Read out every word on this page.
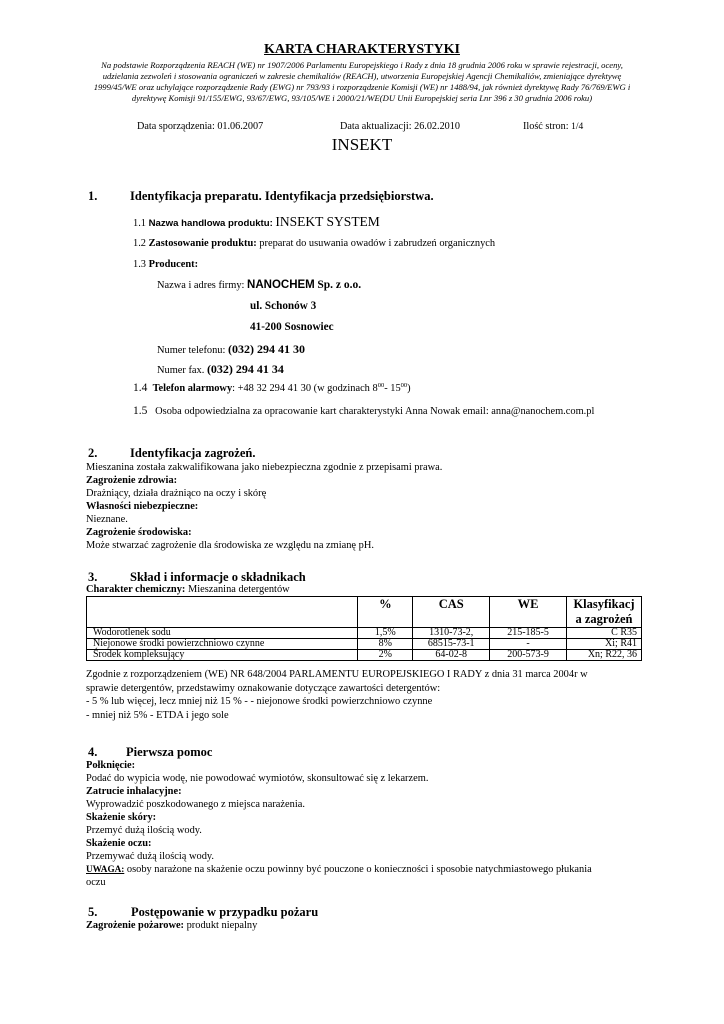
KARTA CHARAKTERYSTYKI
Na podstawie Rozporządzenia REACH (WE) nr 1907/2006 Parlamentu Europejskiego i Rady z dnia 18 grudnia 2006 roku w sprawie rejestracji, oceny, udzielania zezwoleń i stosowania ograniczeń w zakresie chemikaliów (REACH), utworzenia Europejskiej Agencji Chemikaliów, zmieniające dyrektywę 1999/45/WE oraz uchylające rozporządzenie Rady (EWG) nr 793/93 i rozporządzenie Komisji (WE) nr 1488/94, jak również dyrektywę Rady 76/769/EWG i dyrektywę Komisji 91/155/EWG, 93/67/EWG, 93/105/WE i 2000/21/WE(DU Unii Europejskiej seria Lnr 396 z 30 grudnia 2006 roku)
Data sporządzenia: 01.06.2007	Data aktualizacji: 26.02.2010	Ilość stron: 1/4
INSEKT
1.	Identyfikacja preparatu. Identyfikacja przedsiębiorstwa.
1.1 Nazwa handlowa produktu: INSEKT SYSTEM
1.2 Zastosowanie produktu: preparat do usuwania owadów i zabrudzeń organicznych
1.3 Producent:
Nazwa i adres firmy: NANOCHEM Sp. z o.o.
ul. Schonów 3
41-200 Sosnowiec
Numer telefonu: (032) 294 41 30
Numer fax. (032) 294 41 34
1.4 Telefon alarmowy: +48 32 294 41 30 (w godzinach $8^{00}-$ $15^{00}$)
1.5 Osoba odpowiedzialna za opracowanie kart charakterystyki Anna Nowak email: anna@nanochem.com.pl
2.	Identyfikacja zagrożeń.
Mieszanina została zakwalifikowana jako niebezpieczna zgodnie z przepisami prawa.
Zagrożenie zdrowia:
Drażniący, działa drażniąco na oczy i skórę
Własności niebezpieczne:
Nieznane.
Zagrożenie środowiska:
Może stwarzać zagrożenie dla środowiska ze względu na zmianę pH.
3.	Skład i informacje o składnikach
Charakter chemiczny: Mieszanina detergentów
	%	CAS	WE	Klasyfikacj
a zagrożeń

Wodorotlenek sodu	1,5%	1310-73-2,	215-185-5	C R35
Niejonowe środki powierzchniowo czynne	8%	68515-73-1	-	Xi; R41
Środek kompleksujący	2%	64-02-8	200-573-9	Xn; R22, 36
Zgodnie z rozporządzeniem (WE) NR 648/2004 PARLAMENTU EUROPEJSKIEGO I RADY z dnia 31 marca 2004r w
sprawie detergentów, przedstawimy oznakowanie dotyczące zawartości detergentów:
- 5 % lub więcej, lecz mniej niż 15 % - - niejonowe środki powierzchniowo czynne
- mniej niż 5% - ETDA i jego sole
4. Pierwsza pomoc
Połknięcie:
Podać do wypicia wodę, nie powodować wymiotów, skonsultować się z lekarzem.
Zatrucie inhalacyjne:
Wyprowadzić poszkodowanego z miejsca narażenia.
Skażenie skóry:
Przemyć dużą ilością wody.
Skażenie oczu:
Przemywać dużą ilością wody.
UWAGA: osoby narażone na skażenie oczu powinny być pouczone o konieczności i sposobie natychmiastowego płukania
oczu
5.	Postępowanie w przypadku pożaru
Zagrożenie pożarowe: produkt niepalny
